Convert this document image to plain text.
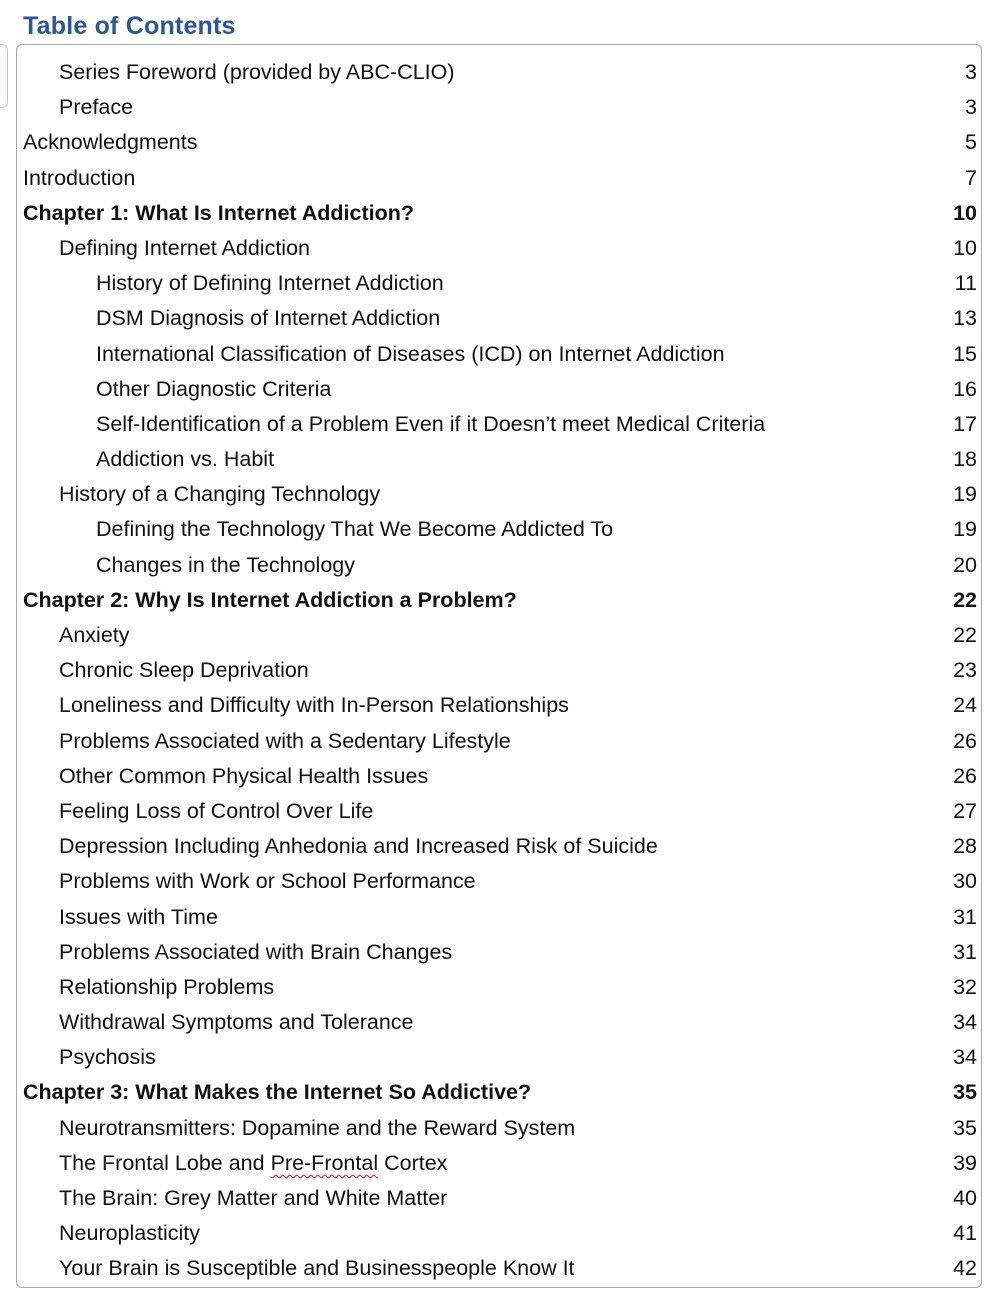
Table of Contents
Series Foreword (provided by ABC-CLIO)	3
Preface	3
Acknowledgments	5
Introduction	7
Chapter 1: What Is Internet Addiction?	10
Defining Internet Addiction	10
History of Defining Internet Addiction	11
DSM Diagnosis of Internet Addiction	13
International Classification of Diseases (ICD) on Internet Addiction	15
Other Diagnostic Criteria	16
Self-Identification of a Problem Even if it Doesn’t meet Medical Criteria	17
Addiction vs. Habit	18
History of a Changing Technology	19
Defining the Technology That We Become Addicted To	19
Changes in the Technology	20
Chapter 2: Why Is Internet Addiction a Problem?	22
Anxiety	22
Chronic Sleep Deprivation	23
Loneliness and Difficulty with In-Person Relationships	24
Problems Associated with a Sedentary Lifestyle	26
Other Common Physical Health Issues	26
Feeling Loss of Control Over Life	27
Depression Including Anhedonia and Increased Risk of Suicide	28
Problems with Work or School Performance	30
Issues with Time	31
Problems Associated with Brain Changes	31
Relationship Problems	32
Withdrawal Symptoms and Tolerance	34
Psychosis	34
Chapter 3: What Makes the Internet So Addictive?	35
Neurotransmitters: Dopamine and the Reward System	35
The Frontal Lobe and Pre-Frontal Cortex	39
The Brain: Grey Matter and White Matter	40
Neuroplasticity	41
Your Brain is Susceptible and Businesspeople Know It	42
